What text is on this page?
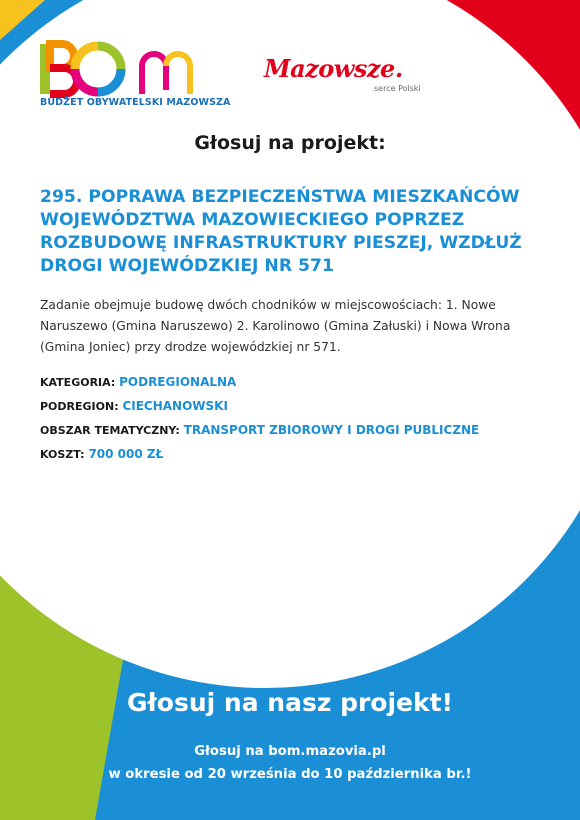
BUDŻET OBYWATELSKI MAZOWSZA
Mazowsze.
serce Polski
Głosuj na projekt:
295. POPRAWA BEZPIECZEŃSTWA MIESZKAŃCÓW WOJEWÓDZTWA MAZOWIECKIEGO POPRZEZ ROZBUDOWĘ INFRASTRUKTURY PIESZEJ, WZDŁUŻ DROGI WOJEWÓDZKIEJ NR 571
Zadanie obejmuje budowę dwóch chodników w miejscowościach: 1. Nowe Naruszewo (Gmina Naruszewo) 2. Karolinowo (Gmina Załuski) i Nowa Wrona (Gmina Joniec) przy drodze wojewódzkiej nr 571.
KATEGORIA: PODREGIONALNA
PODREGION: CIECHANOWSKI
OBSZAR TEMATYCZNY: TRANSPORT ZBIOROWY I DROGI PUBLICZNE
KOSZT: 700 000 ZŁ
Głosuj na nasz projekt!
Głosuj na bom.mazovia.pl
w okresie od 20 września do 10 października br.!
